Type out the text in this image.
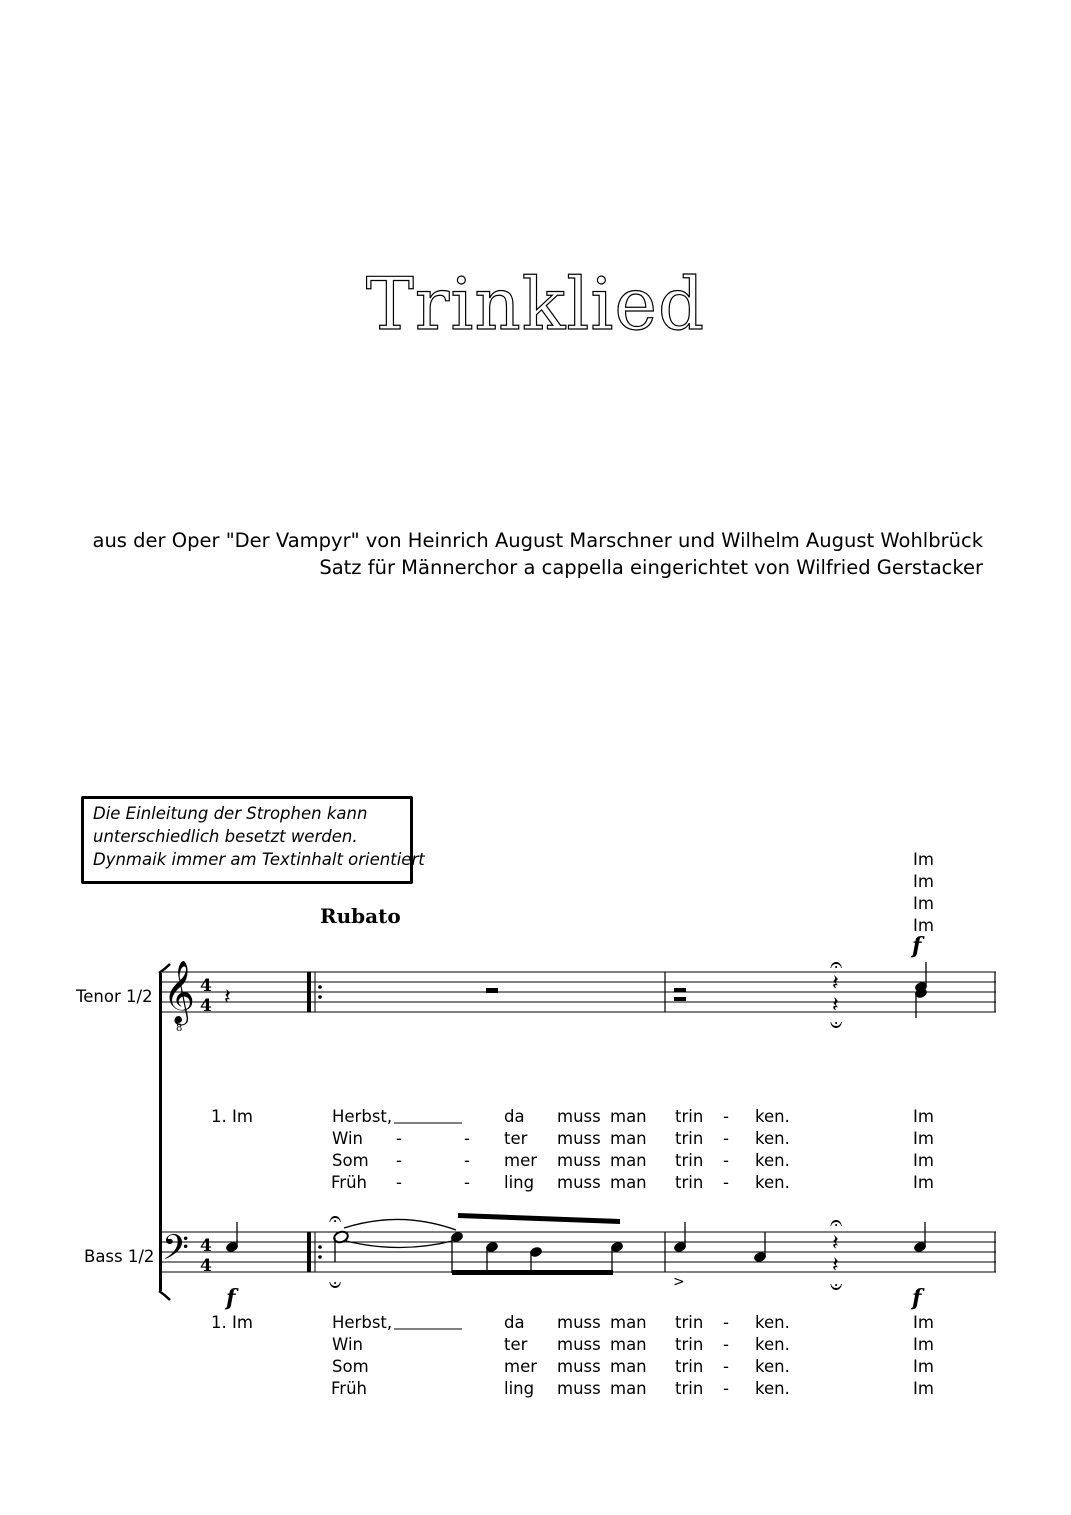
Trinklied
aus der Oper "Der Vampyr" von Heinrich August Marschner und Wilhelm August Wohlbrück
Satz für Männerchor a cappella eingerichtet von Wilfried Gerstacker
Die Einleitung der Strophen kann
unterschiedlich besetzt werden.
Dynmaik immer am Textinhalt orientiert
Rubato
Tenor 1/2
Bass 1/2
Im
Im
Im
Im
f
f	f
1. Im	Herbst,	da muss man trin - ken.	Im
Win -	- ter muss man trin - ken.	Im
Som -	- mer muss man trin - ken.	Im
Früh -	- ling muss man trin - ken.	Im
1. Im	Herbst,	da muss man trin - ken.	Im
Win	ter muss man trin - ken.	Im
Som	mer muss man trin - ken.	Im
Früh	ling muss man trin - ken.	Im
𝄞
8
𝄢
4
4
4
4
𝄽
𝄽
𝄽
𝄐
𝄑
𝄐
𝄑	>
𝄽
𝄽
𝄐
𝄑
